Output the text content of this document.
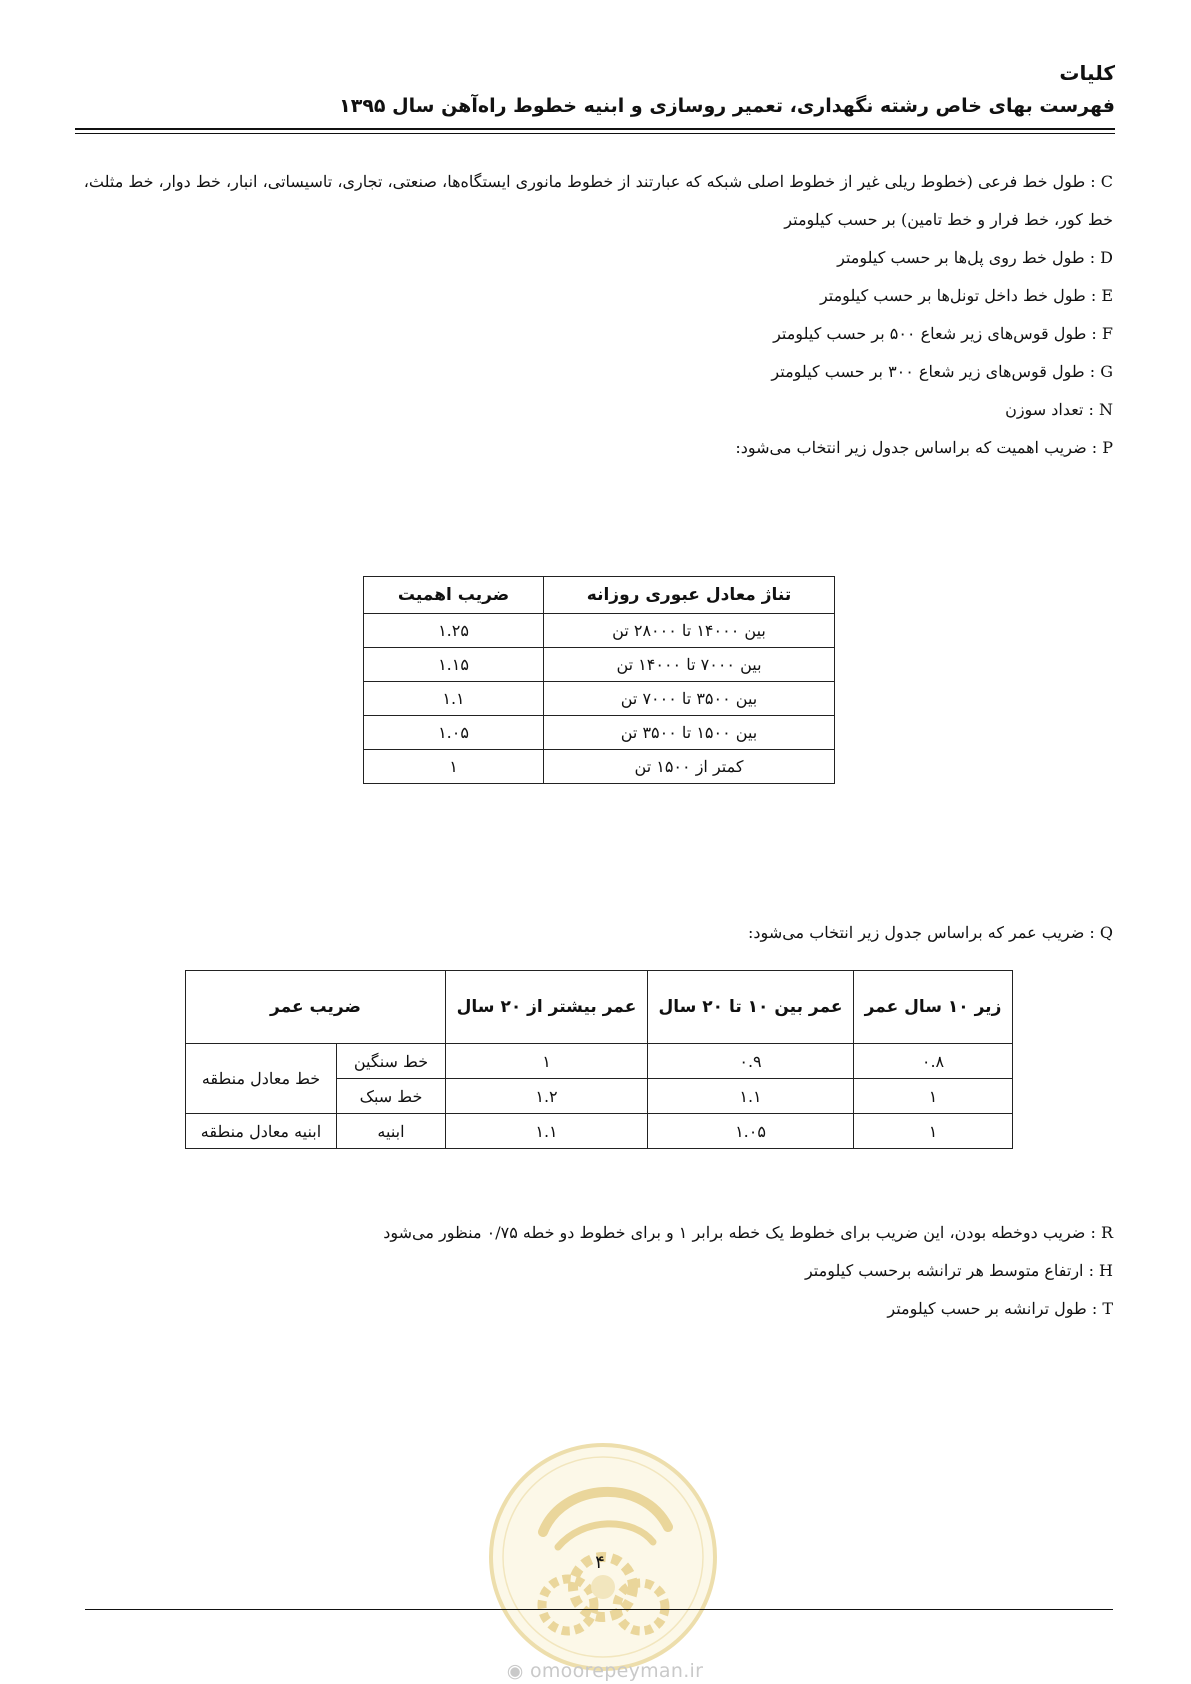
کلیات
فهرست بهای خاص رشته نگهداری، تعمیر روسازی و ابنیه خطوط راه‌آهن سال ۱۳۹۵
C : طول خط فرعی (خطوط ریلی غیر از خطوط اصلی شبکه که عبارتند از خطوط مانوری ایستگاه‌ها، صنعتی، تجاری، تاسیساتی، انبار، خط دوار، خط مثلث، خط کور، خط فرار و خط تامین) بر حسب کیلومتر
D : طول خط روی پل‌ها بر حسب کیلومتر
E : طول خط داخل تونل‌ها بر حسب کیلومتر
F : طول قوس‌های زیر شعاع ۵۰۰ بر حسب کیلومتر
G : طول قوس‌های زیر شعاع ۳۰۰ بر حسب کیلومتر
N : تعداد سوزن
P : ضریب اهمیت که براساس جدول زیر انتخاب می‌شود:
تناژ معادل عبوری روزانه	ضریب اهمیت
بین ۱۴۰۰۰ تا ۲۸۰۰۰ تن	۱.۲۵
بین ۷۰۰۰ تا ۱۴۰۰۰ تن	۱.۱۵
بین ۳۵۰۰ تا ۷۰۰۰ تن	۱.۱
بین ۱۵۰۰ تا ۳۵۰۰ تن	۱.۰۵
کمتر از ۱۵۰۰ تن	۱
Q : ضریب عمر که براساس جدول زیر انتخاب می‌شود:
زیر ۱۰ سال عمر	عمر بین ۱۰ تا ۲۰ سال	عمر بیشتر از ۲۰ سال	ضریب عمر	
۰.۸	۰.۹	۱	خط سنگین	خط معادل منطقه
۱	۱.۱	۱.۲	خط سبک	
۱	۱.۰۵	۱.۱	ابنیه	ابنیه معادل منطقه
R : ضریب دوخطه بودن، این ضریب برای خطوط یک خطه برابر ۱ و برای خطوط دو خطه ۰/۷۵ منظور می‌شود
H : ارتفاع متوسط هر ترانشه برحسب کیلومتر
T : طول ترانشه بر حسب کیلومتر
۴
◉ omoorepeyman.ir
